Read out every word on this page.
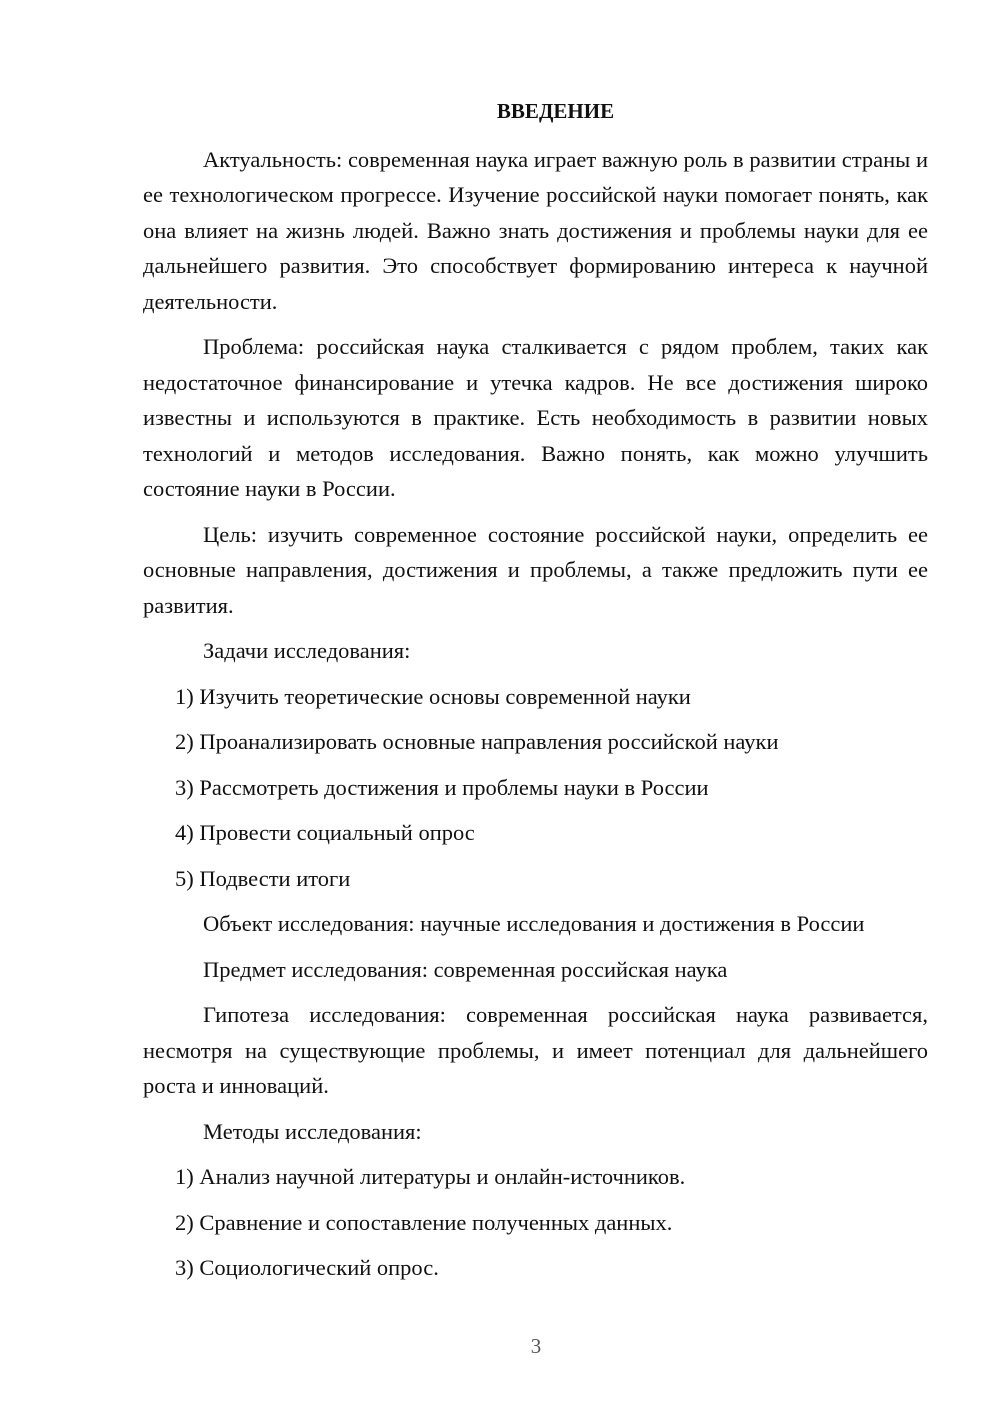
ВВЕДЕНИЕ

Актуальность: современная наука играет важную роль в развитии страны и ее технологическом прогрессе. Изучение российской науки помогает понять, как она влияет на жизнь людей. Важно знать достижения и проблемы науки для ее дальнейшего развития. Это способствует формированию интереса к научной деятельности.

Проблема: российская наука сталкивается с рядом проблем, таких как недостаточное финансирование и утечка кадров. Не все достижения широко известны и используются в практике. Есть необходимость в развитии новых технологий и методов исследования. Важно понять, как можно улучшить состояние науки в России.

Цель: изучить современное состояние российской науки, определить ее основные направления, достижения и проблемы, а также предложить пути ее развития.

Задачи исследования:

1) Изучить теоретические основы современной науки

2) Проанализировать основные направления российской науки

3) Рассмотреть достижения и проблемы науки в России

4) Провести социальный опрос

5) Подвести итоги

Объект исследования: научные исследования и достижения в России

Предмет исследования: современная российская наука

Гипотеза исследования: современная российская наука развивается, несмотря на существующие проблемы, и имеет потенциал для дальнейшего роста и инноваций.

Методы исследования:

1) Анализ научной литературы и онлайн-источников.

2) Сравнение и сопоставление полученных данных.

3) Социологический опрос.

3
